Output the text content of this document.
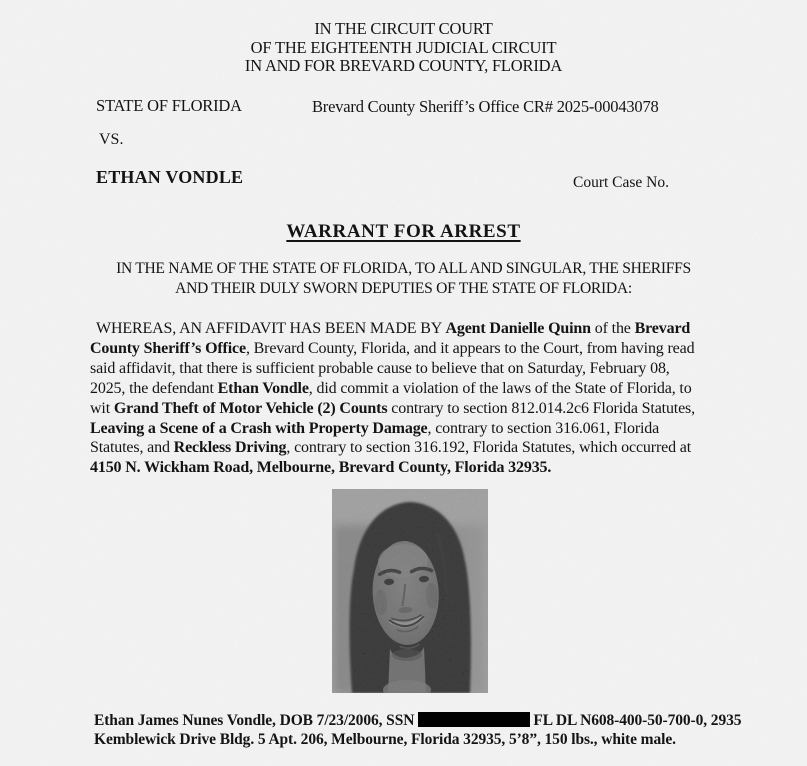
IN THE CIRCUIT COURT
OF THE EIGHTEENTH JUDICIAL CIRCUIT
IN AND FOR BREVARD COUNTY, FLORIDA
STATE OF FLORIDA	Brevard County Sheriff’s Office CR# 2025-00043078
VS.
ETHAN VONDLE	Court Case No.
WARRANT FOR ARREST
IN THE NAME OF THE STATE OF FLORIDA, TO ALL AND SINGULAR, THE SHERIFFS
AND THEIR DULY SWORN DEPUTIES OF THE STATE OF FLORIDA:
WHEREAS, AN AFFIDAVIT HAS BEEN MADE BY Agent Danielle Quinn of the Brevard
County Sheriff’s Office, Brevard County, Florida, and it appears to the Court, from having read
said affidavit, that there is sufficient probable cause to believe that on Saturday, February 08,
2025, the defendant Ethan Vondle, did commit a violation of the laws of the State of Florida, to
wit Grand Theft of Motor Vehicle (2) Counts contrary to section 812.014.2c6 Florida Statutes,
Leaving a Scene of a Crash with Property Damage, contrary to section 316.061, Florida
Statutes, and Reckless Driving, contrary to section 316.192, Florida Statutes, which occurred at
4150 N. Wickham Road, Melbourne, Brevard County, Florida 32935.
Ethan James Nunes Vondle, DOB 7/23/2006, SSN	FL DL N608-400-50-700-0, 2935
Kemblewick Drive Bldg. 5 Apt. 206, Melbourne, Florida 32935, 5’8”, 150 lbs., white male.
